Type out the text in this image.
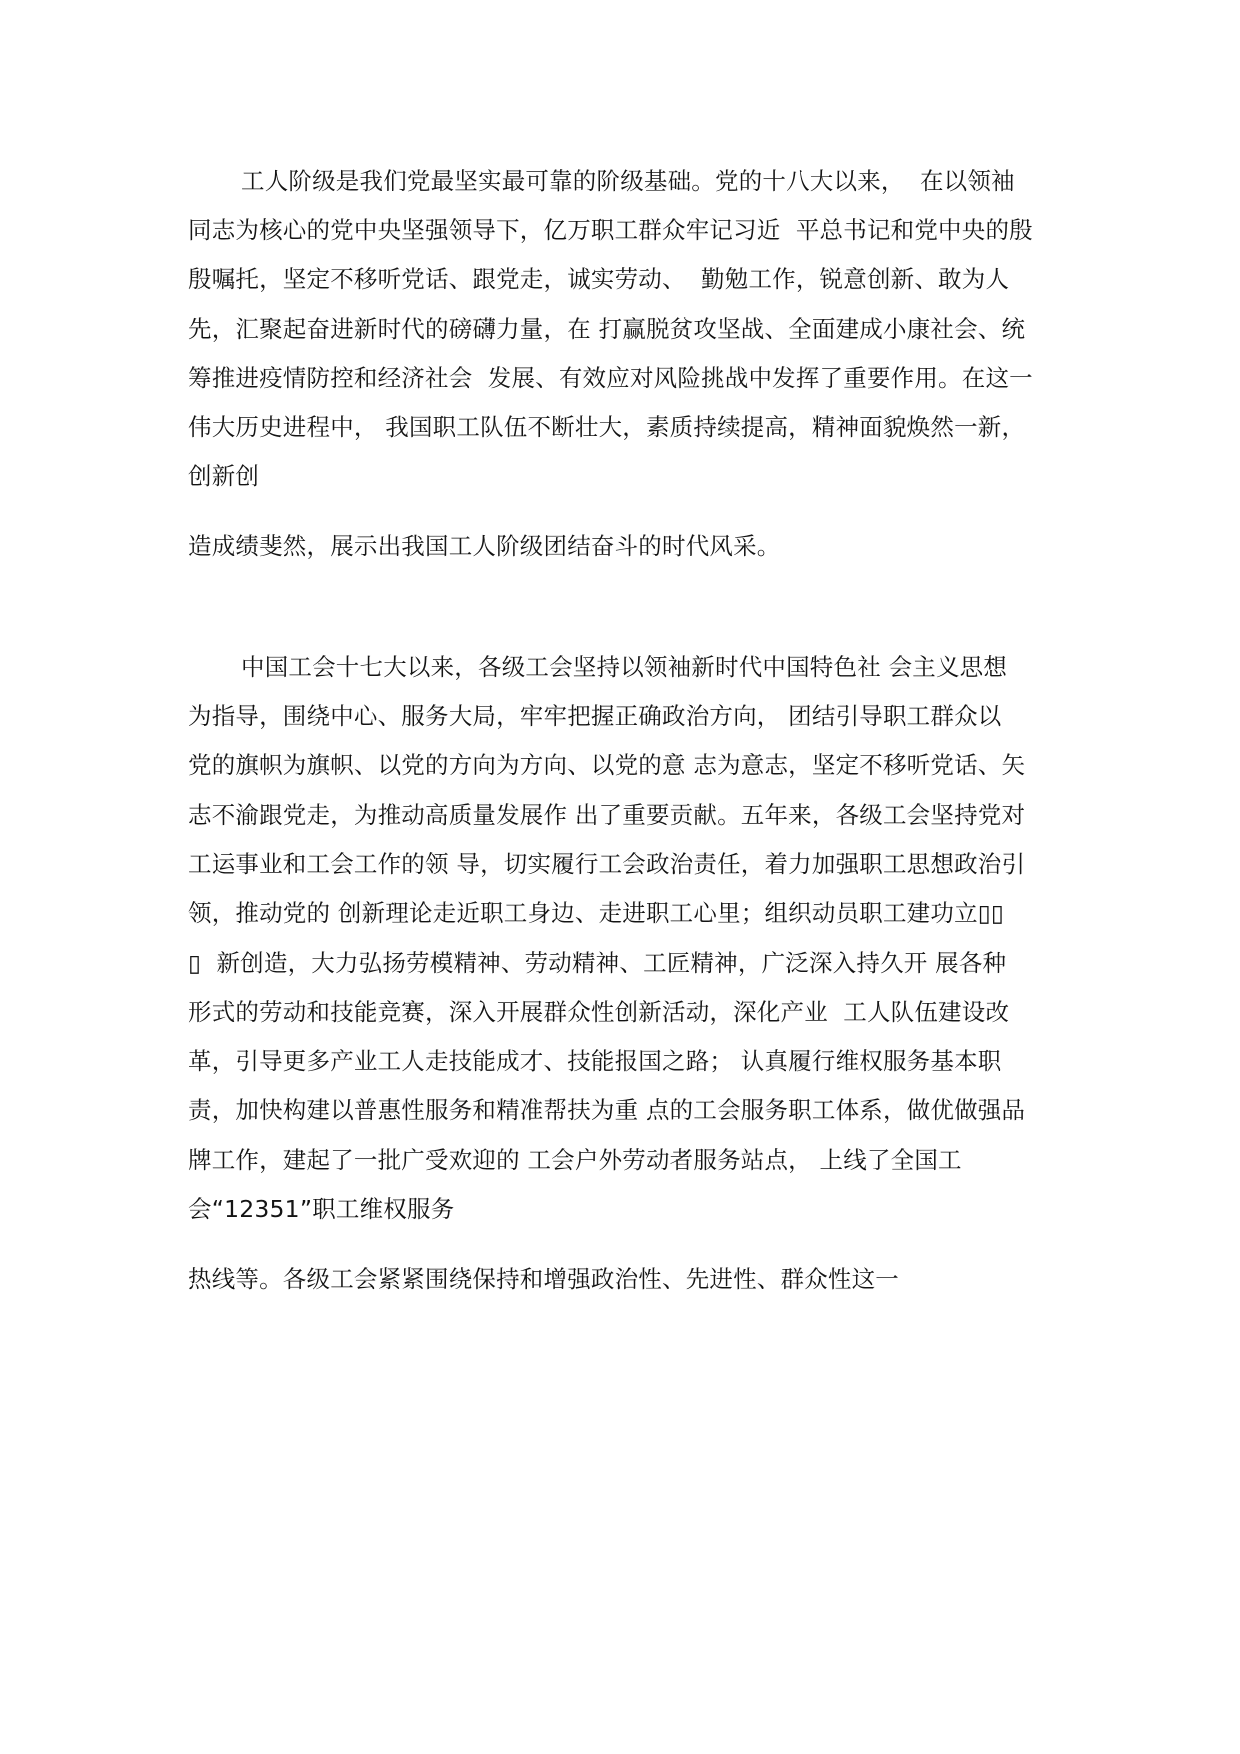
工人阶级是我们党最坚实最可靠的阶级基础。党的十八大以来，  在以领袖
同志为核心的党中央坚强领导下，亿万职工群众牢记习近  平总书记和党中央的殷
殷嘱托，坚定不移听党话、跟党走，诚实劳动、  勤勉工作，锐意创新、敢为人
先，汇聚起奋进新时代的磅礴力量，在 打赢脱贫攻坚战、全面建成小康社会、统
筹推进疫情防控和经济社会  发展、有效应对风险挑战中发挥了重要作用。在这一
伟大历史进程中， 我国职工队伍不断壮大，素质持续提高，精神面貌焕然一新，
创新创
造成绩斐然，展示出我国工人阶级团结奋斗的时代风采。
中国工会十七大以来，各级工会坚持以领袖新时代中国特色社 会主义思想
为指导，围绕中心、服务大局，牢牢把握正确政治方向， 团结引导职工群众以
党的旗帜为旗帜、以党的方向为方向、以党的意 志为意志，坚定不移听党话、矢
志不渝跟党走，为推动高质量发展作 出了重要贡献。五年来，各级工会坚持党对
工运事业和工会工作的领 导，切实履行工会政治责任，着力加强职工思想政治引
领，推动党的 创新理论走近职工身边、走进职工心里；组织动员职工建功立▯▯
▯  新创造，大力弘扬劳模精神、劳动精神、工匠精神，广泛深入持久开 展各种
形式的劳动和技能竞赛，深入开展群众性创新活动，深化产业  工人队伍建设改
革，引导更多产业工人走技能成才、技能报国之路； 认真履行维权服务基本职
责，加快构建以普惠性服务和精准帮扶为重 点的工会服务职工体系，做优做强品
牌工作，建起了一批广受欢迎的 工会户外劳动者服务站点， 上线了全国工
会“12351”职工维权服务
热线等。各级工会紧紧围绕保持和增强政治性、先进性、群众性这一
